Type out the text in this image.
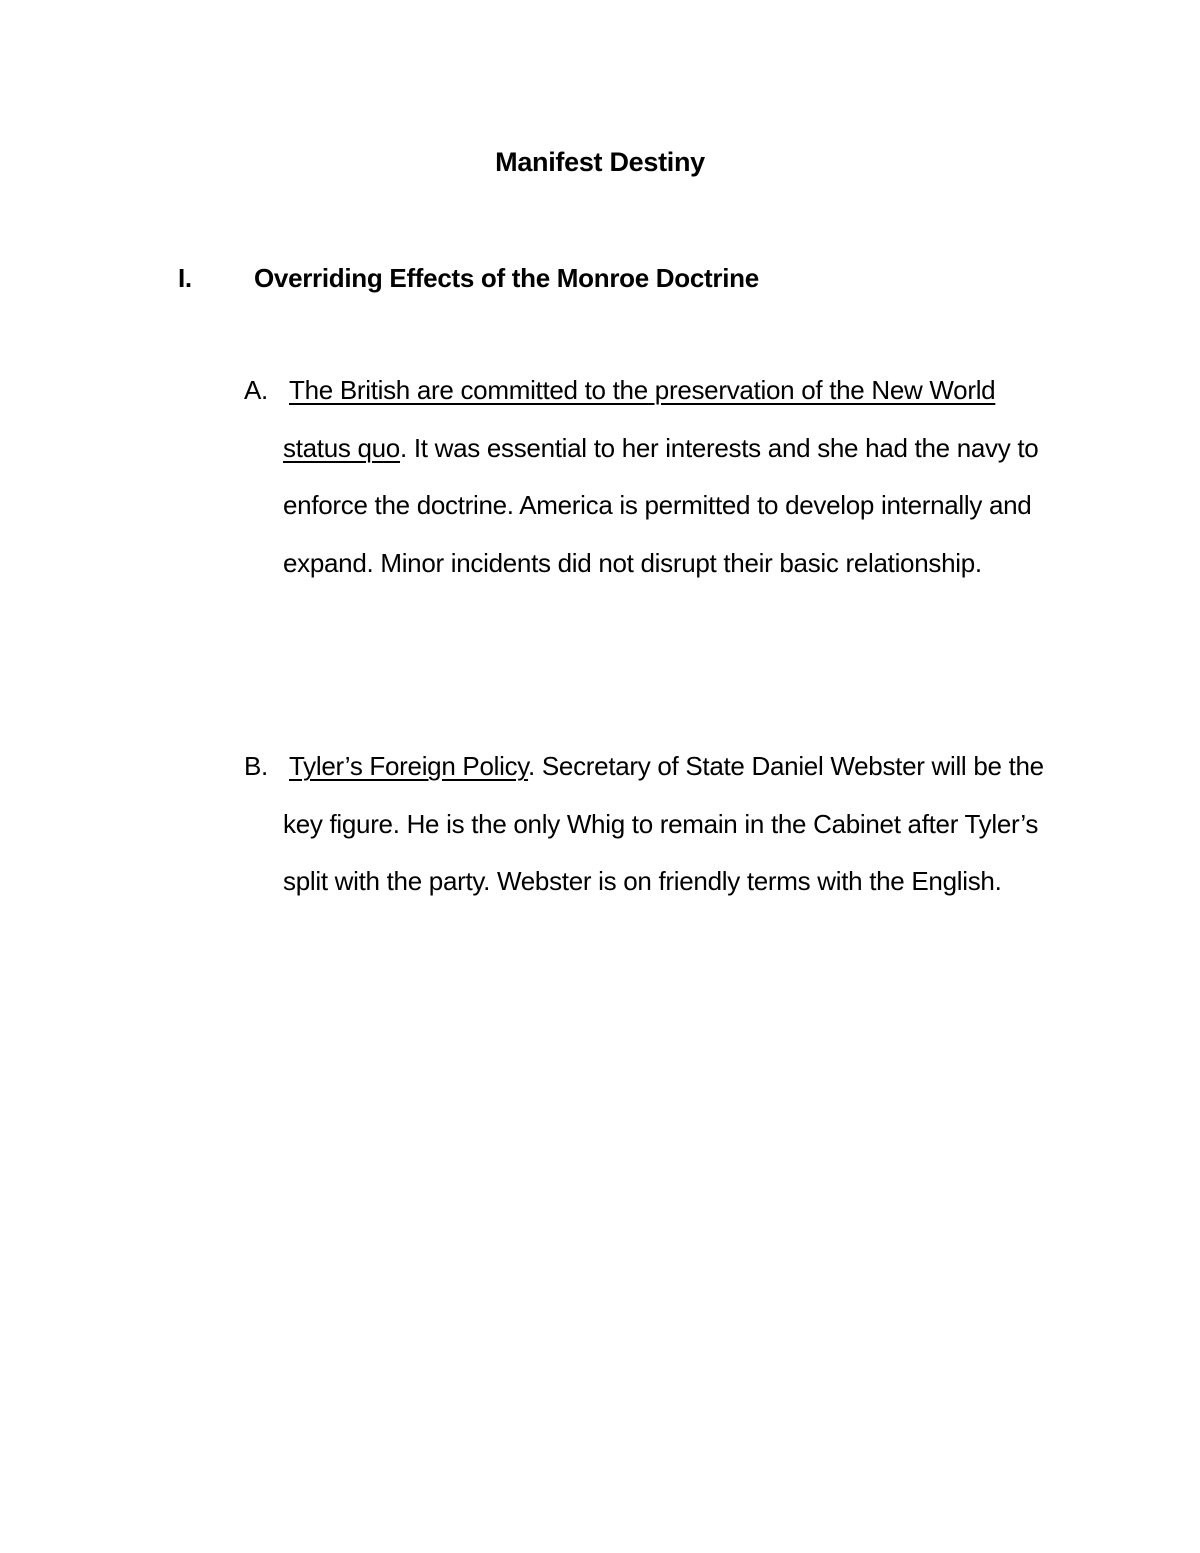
Manifest Destiny
I. Overriding Effects of the Monroe Doctrine
A. The British are committed to the preservation of the New World status quo. It was essential to her interests and she had the navy to enforce the doctrine. America is permitted to develop internally and expand. Minor incidents did not disrupt their basic relationship.
B. Tyler’s Foreign Policy. Secretary of State Daniel Webster will be the key figure. He is the only Whig to remain in the Cabinet after Tyler’s split with the party. Webster is on friendly terms with the English.
